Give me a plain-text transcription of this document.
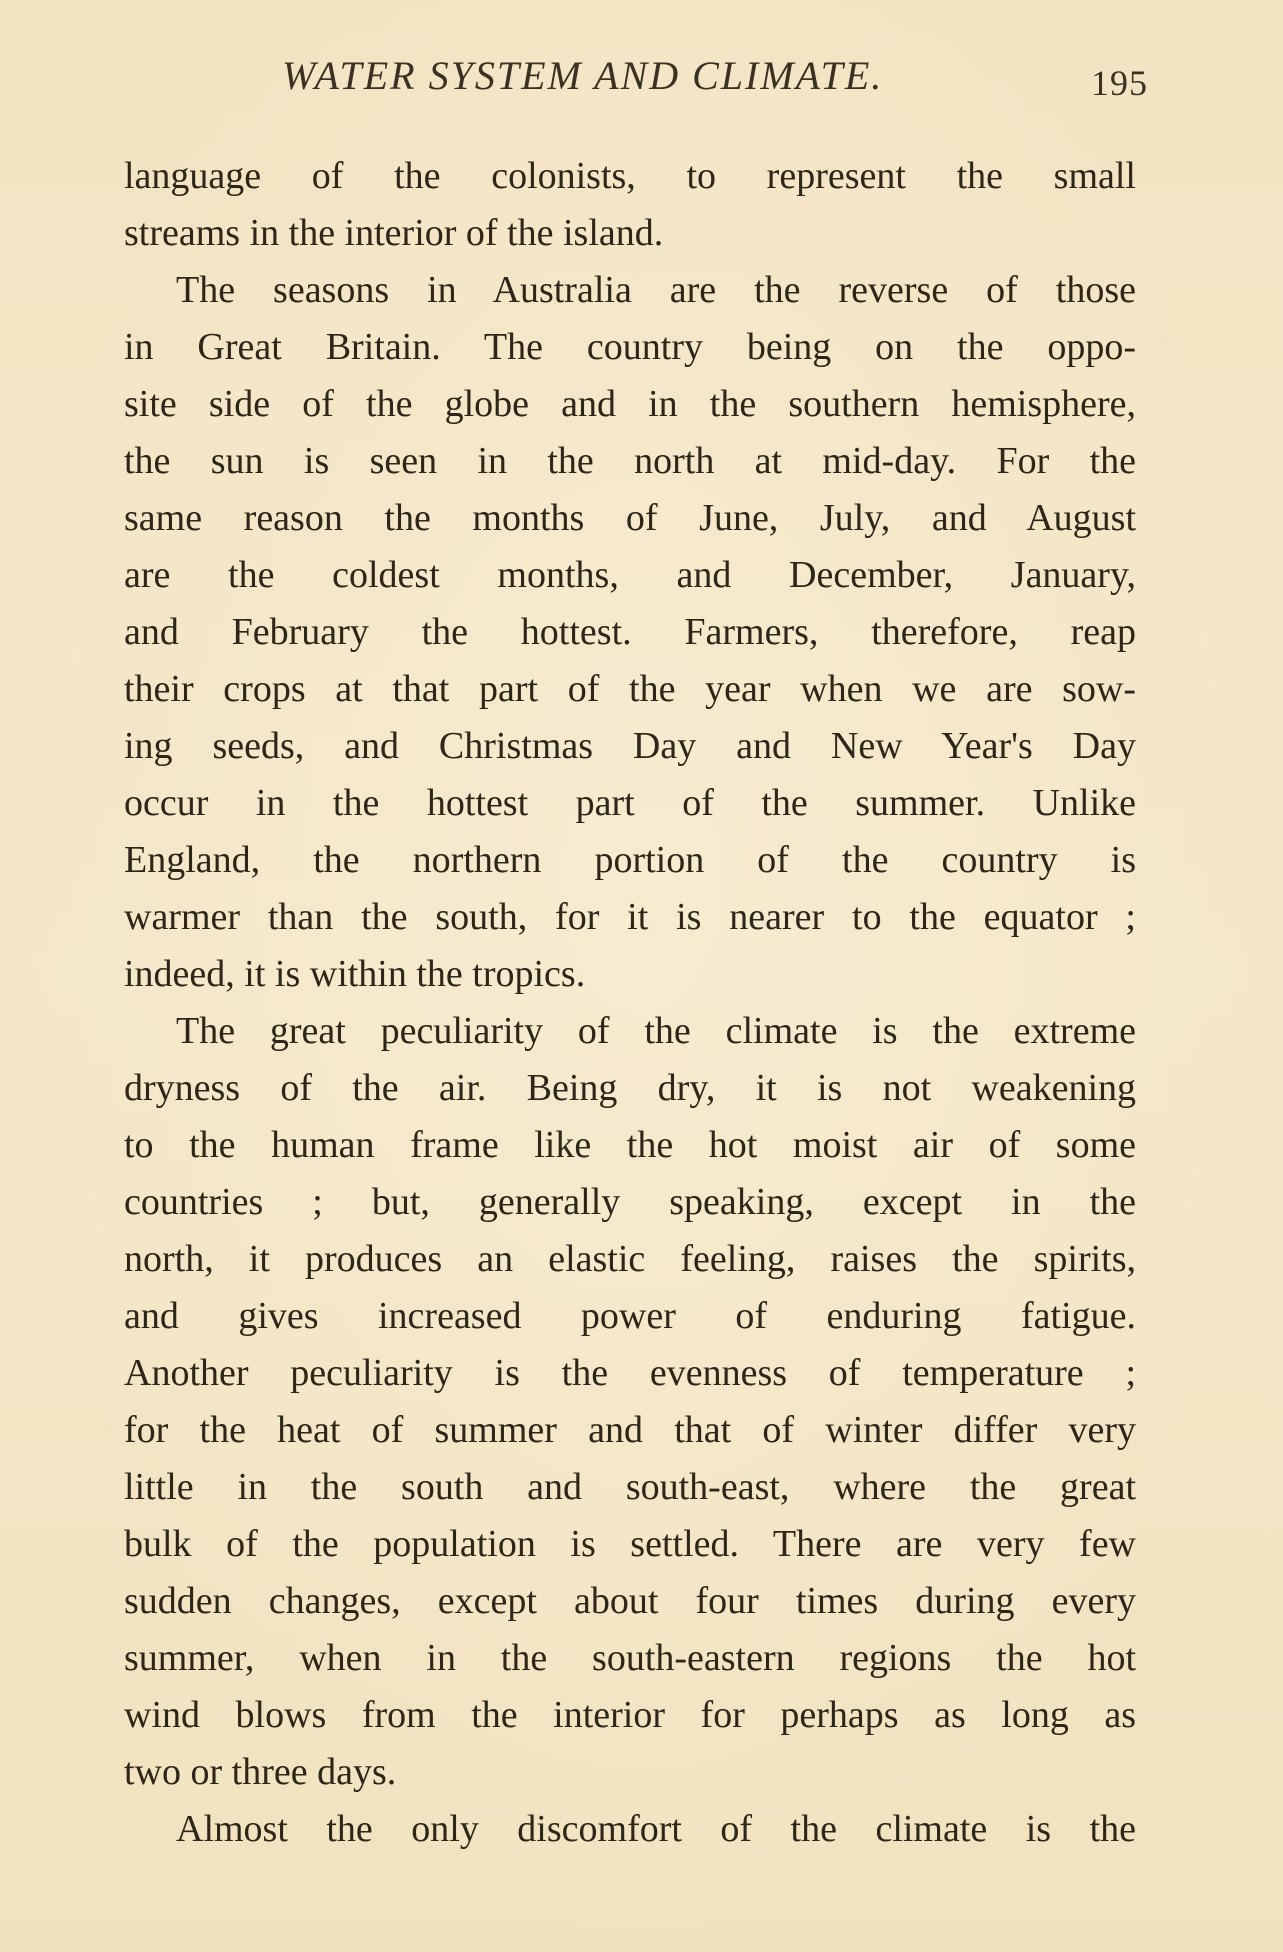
WATER SYSTEM AND CLIMATE.	195
language of the colonists, to represent the small
streams in the interior of the island.
The seasons in Australia are the reverse of those
in Great Britain. The country being on the oppo-
site side of the globe and in the southern hemisphere,
the sun is seen in the north at mid-day. For the
same reason the months of June, July, and August
are the coldest months, and December, January,
and February the hottest. Farmers, therefore, reap
their crops at that part of the year when we are sow-
ing seeds, and Christmas Day and New Year's Day
occur in the hottest part of the summer. Unlike
England, the northern portion of the country is
warmer than the south, for it is nearer to the equator ;
indeed, it is within the tropics.
The great peculiarity of the climate is the extreme
dryness of the air. Being dry, it is not weakening
to the human frame like the hot moist air of some
countries ; but, generally speaking, except in the
north, it produces an elastic feeling, raises the spirits,
and gives increased power of enduring fatigue.
Another peculiarity is the evenness of temperature ;
for the heat of summer and that of winter differ very
little in the south and south-east, where the great
bulk of the population is settled. There are very few
sudden changes, except about four times during every
summer, when in the south-eastern regions the hot
wind blows from the interior for perhaps as long as
two or three days.
Almost the only discomfort of the climate is the
